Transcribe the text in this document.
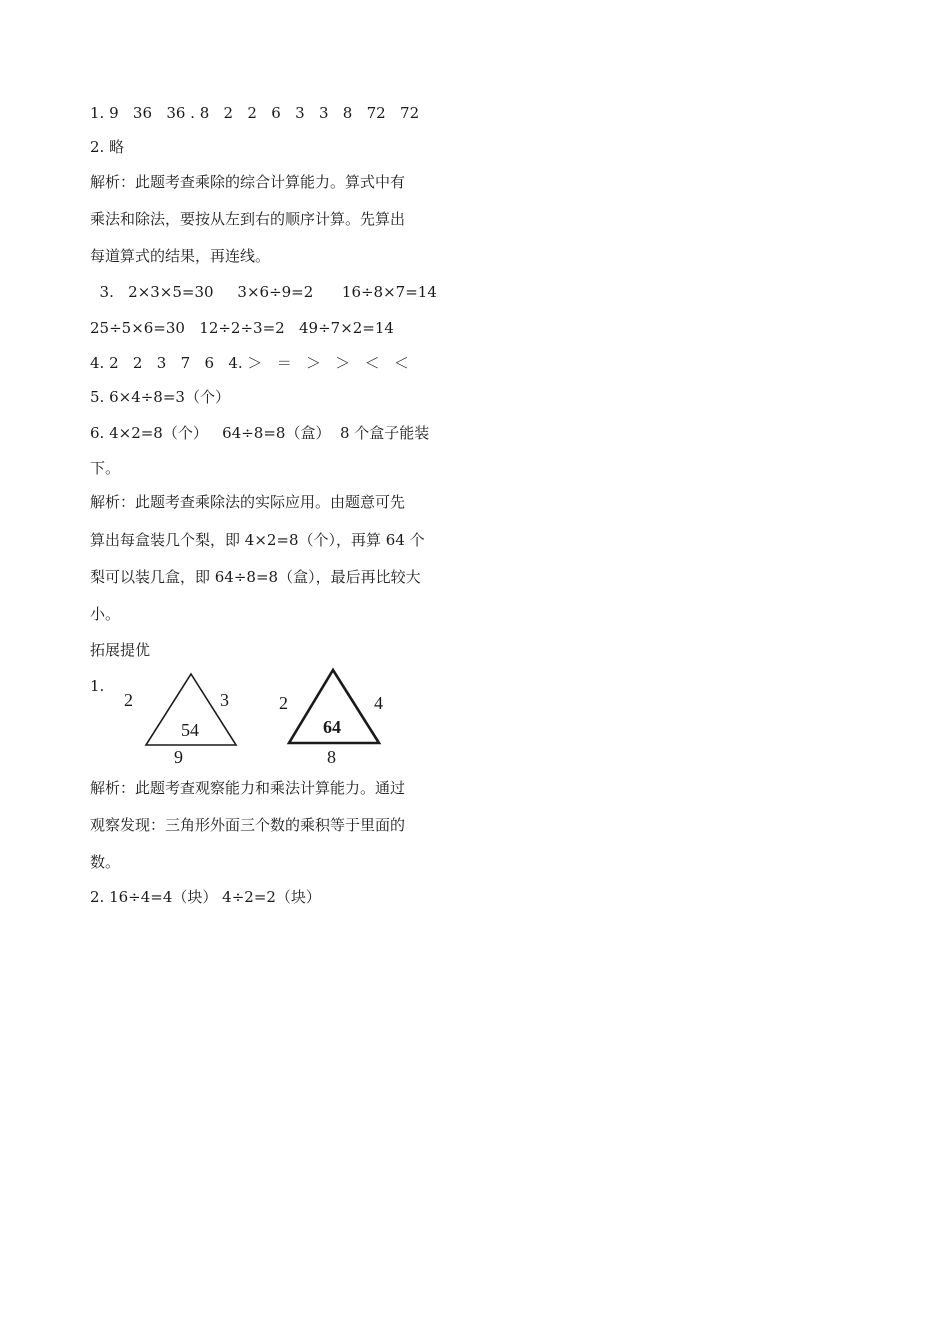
1. 9   36   36 . 8   2   2   6   3   3   8   72   72
2. 略
解析：此题考查乘除的综合计算能力。算式中有
乘法和除法，要按从左到右的顺序计算。先算出
每道算式的结果，再连线。
3.   2×3×5=30     3×6÷9=2      16÷8×7=14
25÷5×6=30   12÷2÷3=2   49÷7×2=14
4. 2   2   3   7   6   4. ＞   ＝   ＞   ＞   ＜   ＜
5. 6×4÷8=3（个）
6. 4×2=8（个）   64÷8=8（盒）  8 个盒子能装
下。
解析：此题考查乘除法的实际应用。由题意可先
算出每盒装几个梨，即 4×2=8（个），再算 64 个
梨可以装几盒，即 64÷8=8（盒），最后再比较大
小。
拓展提优
1.
2	3
54
9
2	4
64
8
解析：此题考查观察能力和乘法计算能力。通过
观察发现：三角形外面三个数的乘积等于里面的
数。
2. 16÷4=4（块） 4÷2=2（块）
